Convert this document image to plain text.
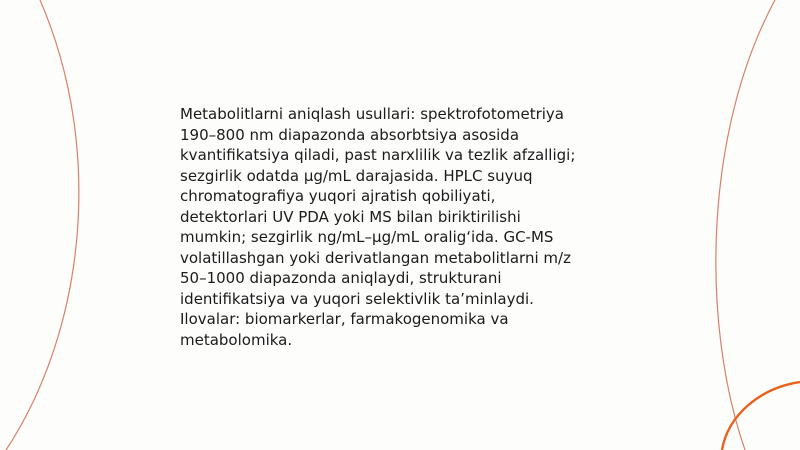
Metabolitlarni aniqlash usullari: spektrofotometriya
190–800 nm diapazonda absorbtsiya asosida
kvantifikatsiya qiladi, past narxlilik va tezlik afzalligi;
sezgirlik odatda µg/mL darajasida. HPLC suyuq
chromatografiya yuqori ajratish qobiliyati,
detektorlari UV PDA yoki MS bilan biriktirilishi
mumkin; sezgirlik ng/mL–µg/mL oralig‘ida. GC-MS
volatillashgan yoki derivatlangan metabolitlarni m/z
50–1000 diapazonda aniqlaydi, strukturani
identifikatsiya va yuqori selektivlik ta’minlaydi.
Ilovalar: biomarkerlar, farmakogenomika va
metabolomika.
